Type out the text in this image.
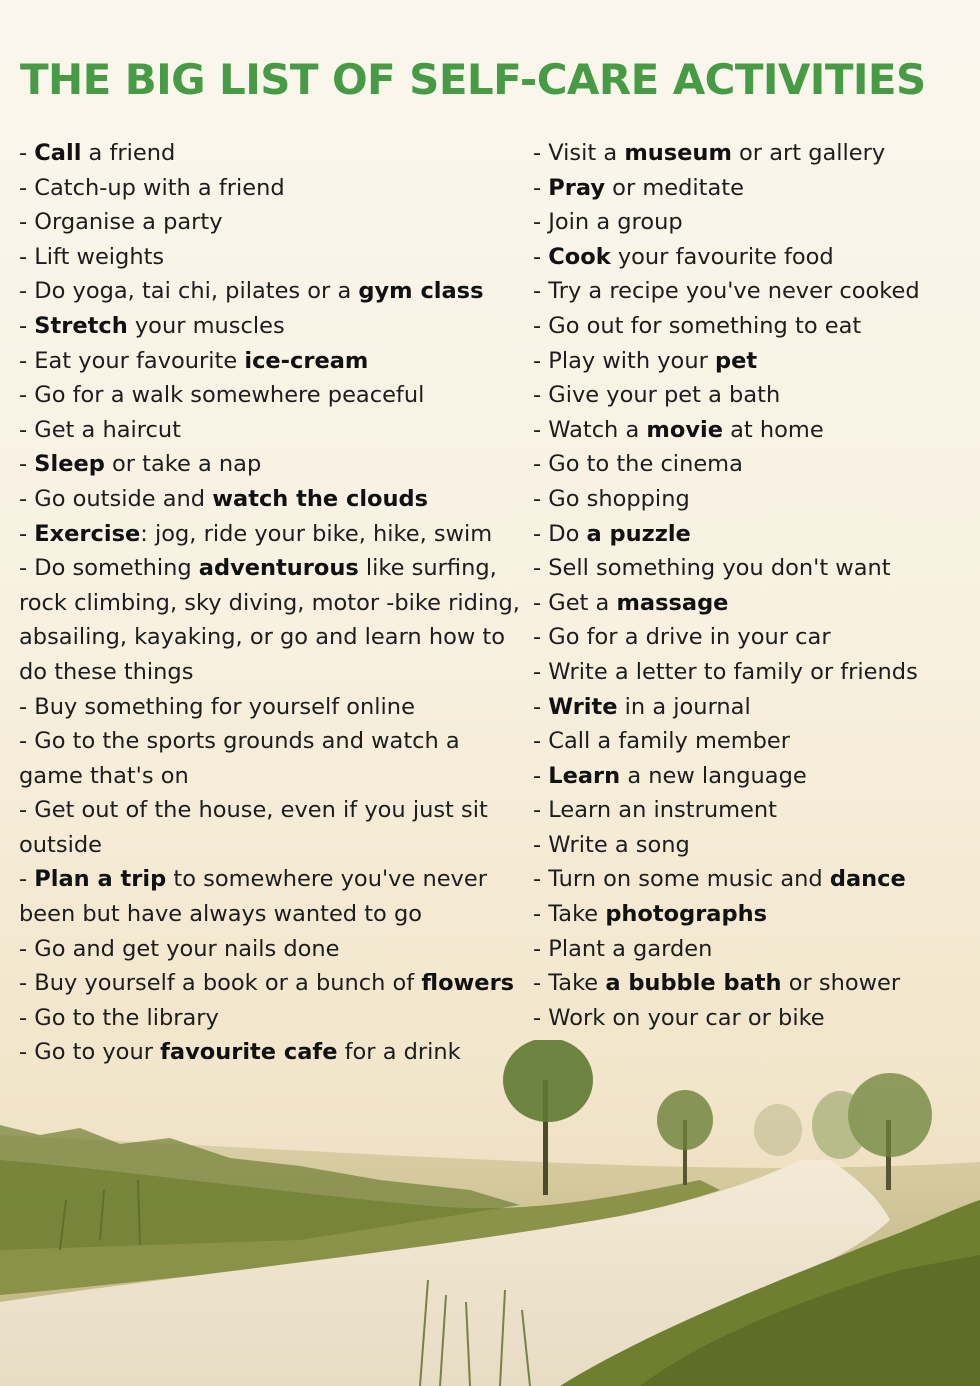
THE BIG LIST OF SELF-CARE ACTIVITIES
- Call a friend
- Catch-up with a friend
- Organise a party
- Lift weights
- Do yoga, tai chi, pilates or a gym class
- Stretch your muscles
- Eat your favourite ice-cream
- Go for a walk somewhere peaceful
- Get a haircut
- Sleep or take a nap
- Go outside and watch the clouds
- Exercise: jog, ride your bike, hike, swim
- Do something adventurous like surfing, rock climbing, sky diving, motor -bike riding, absailing, kayaking, or go and learn how to do these things
- Buy something for yourself online
- Go to the sports grounds and watch a game that's on
- Get out of the house, even if you just sit outside
- Plan a trip to somewhere you've never been but have always wanted to go
- Go and get your nails done
- Buy yourself a book or a bunch of flowers
- Go to the library
- Go to your favourite cafe for a drink
- Visit a museum or art gallery
- Pray or meditate
- Join a group
- Cook your favourite food
- Try a recipe you've never cooked
- Go out for something to eat
- Play with your pet
- Give your pet a bath
- Watch a movie at home
- Go to the cinema
- Go shopping
- Do a puzzle
- Sell something you don't want
- Get a massage
- Go for a drive in your car
- Write a letter to family or friends
- Write in a journal
- Call a family member
- Learn a new language
- Learn an instrument
- Write a song
- Turn on some music and dance
- Take photographs
- Plant a garden
- Take a bubble bath or shower
- Work on your car or bike
